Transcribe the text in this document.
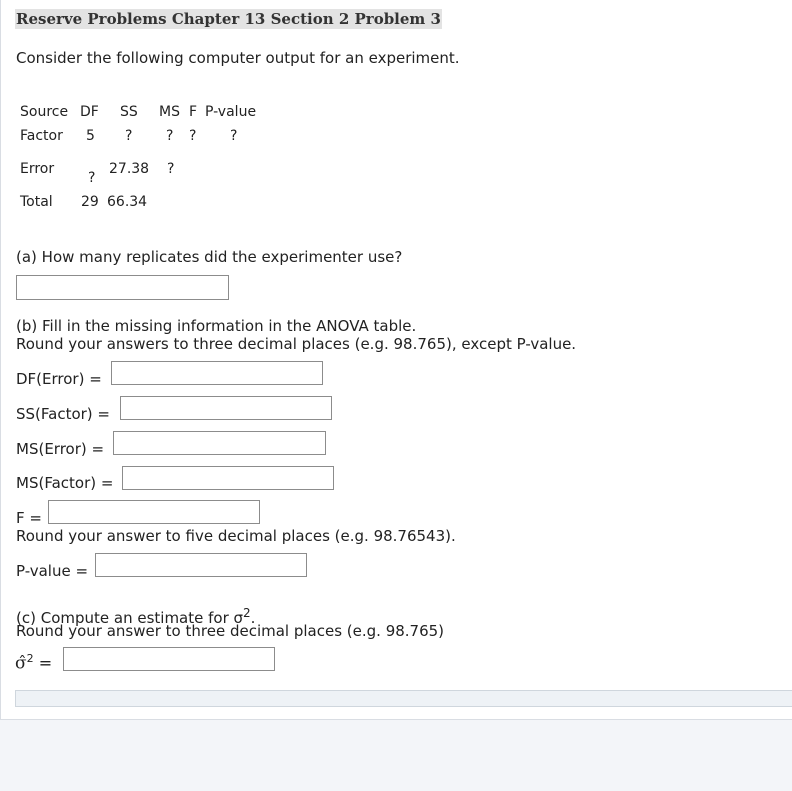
Reserve Problems Chapter 13 Section 2 Problem 3
Consider the following computer output for an experiment.
Source DF SS MS F P-value
Factor 5 ? ? ? ?
Error
?
27.38 ?
Total 29 66.34
(a) How many replicates did the experimenter use?
(b) Fill in the missing information in the ANOVA table.
Round your answers to three decimal places (e.g. 98.765), except P-value.
DF(Error) =
SS(Factor) =
MS(Error) =
MS(Factor) =
F =
Round your answer to five decimal places (e.g. 98.76543).
P-value =
(c) Compute an estimate for $\sigma^2$.
Round your answer to three decimal places (e.g. 98.765)
σ̂$^2$ =
